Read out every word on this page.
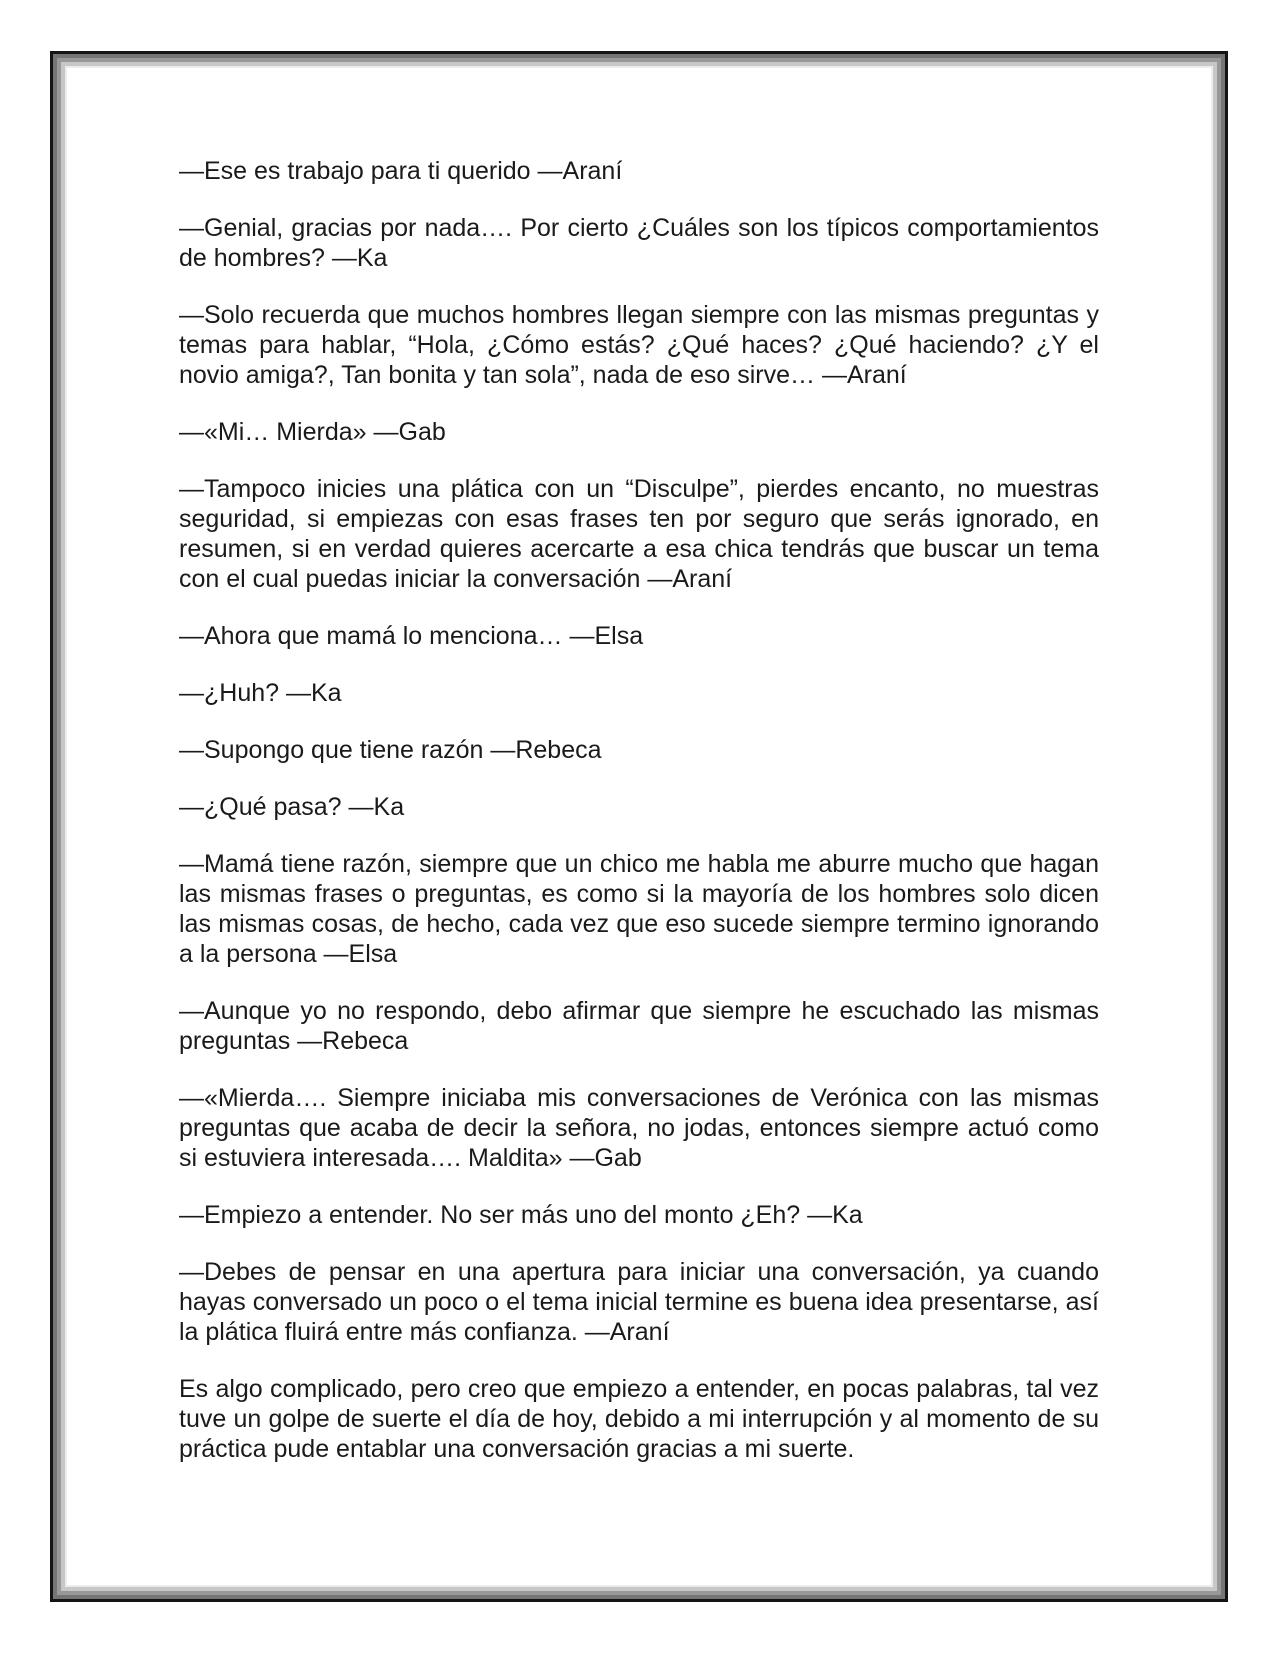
—Ese es trabajo para ti querido —Araní

—Genial, gracias por nada…. Por cierto ¿Cuáles son los típicos comportamientos de hombres? —Ka

—Solo recuerda que muchos hombres llegan siempre con las mismas preguntas y temas para hablar, “Hola, ¿Cómo estás? ¿Qué haces? ¿Qué haciendo? ¿Y el novio amiga?, Tan bonita y tan sola”, nada de eso sirve… —Araní

—«Mi… Mierda» —Gab

—Tampoco inicies una plática con un “Disculpe”, pierdes encanto, no muestras seguridad, si empiezas con esas frases ten por seguro que serás ignorado, en resumen, si en verdad quieres acercarte a esa chica tendrás que buscar un tema con el cual puedas iniciar la conversación —Araní

—Ahora que mamá lo menciona… —Elsa

—¿Huh? —Ka

—Supongo que tiene razón —Rebeca

—¿Qué pasa? —Ka

—Mamá tiene razón, siempre que un chico me habla me aburre mucho que hagan las mismas frases o preguntas, es como si la mayoría de los hombres solo dicen las mismas cosas, de hecho, cada vez que eso sucede siempre termino ignorando a la persona —Elsa

—Aunque yo no respondo, debo afirmar que siempre he escuchado las mismas preguntas —Rebeca

—«Mierda…. Siempre iniciaba mis conversaciones de Verónica con las mismas preguntas que acaba de decir la señora, no jodas, entonces siempre actuó como si estuviera interesada…. Maldita» —Gab

—Empiezo a entender. No ser más uno del monto ¿Eh? —Ka

—Debes de pensar en una apertura para iniciar una conversación, ya cuando hayas conversado un poco o el tema inicial termine es buena idea presentarse, así la plática fluirá entre más confianza. —Araní

Es algo complicado, pero creo que empiezo a entender, en pocas palabras, tal vez tuve un golpe de suerte el día de hoy, debido a mi interrupción y al momento de su práctica pude entablar una conversación gracias a mi suerte.
